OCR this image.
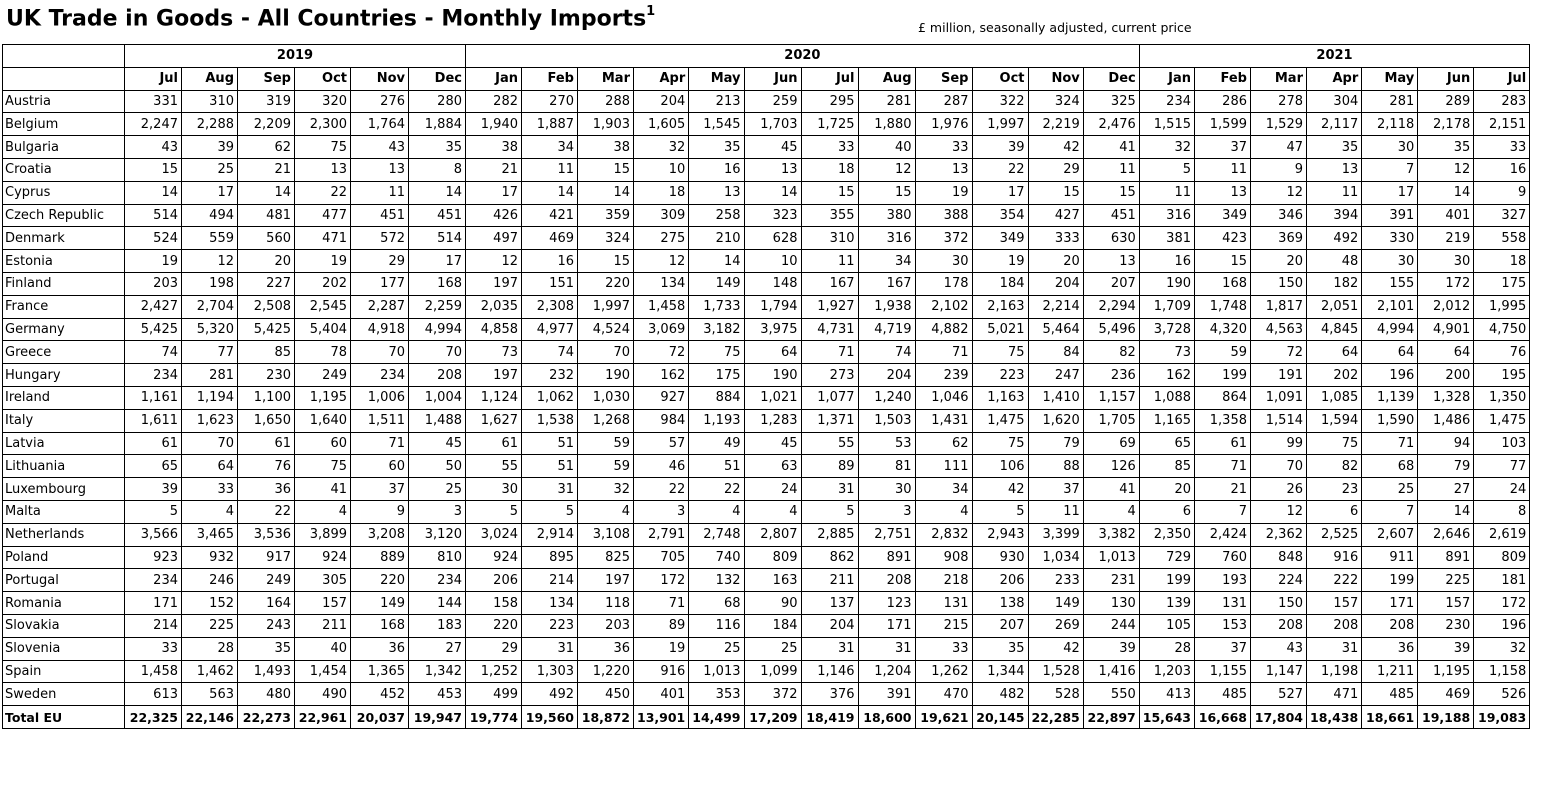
UK Trade in Goods - All Countries - Monthly Imports$^1$
£ million, seasonally adjusted, current price
	2019						2020												2021						
	Jul	Aug	Sep	Oct	Nov	Dec	Jan	Feb	Mar	Apr	May	Jun	Jul	Aug	Sep	Oct	Nov	Dec	Jan	Feb	Mar	Apr	May	Jun	Jul
Austria	331	310	319	320	276	280	282	270	288	204	213	259	295	281	287	322	324	325	234	286	278	304	281	289	283
Belgium	2,247	2,288	2,209	2,300	1,764	1,884	1,940	1,887	1,903	1,605	1,545	1,703	1,725	1,880	1,976	1,997	2,219	2,476	1,515	1,599	1,529	2,117	2,118	2,178	2,151
Bulgaria	43	39	62	75	43	35	38	34	38	32	35	45	33	40	33	39	42	41	32	37	47	35	30	35	33
Croatia	15	25	21	13	13	8	21	11	15	10	16	13	18	12	13	22	29	11	5	11	9	13	7	12	16
Cyprus	14	17	14	22	11	14	17	14	14	18	13	14	15	15	19	17	15	15	11	13	12	11	17	14	9
Czech Republic	514	494	481	477	451	451	426	421	359	309	258	323	355	380	388	354	427	451	316	349	346	394	391	401	327
Denmark	524	559	560	471	572	514	497	469	324	275	210	628	310	316	372	349	333	630	381	423	369	492	330	219	558
Estonia	19	12	20	19	29	17	12	16	15	12	14	10	11	34	30	19	20	13	16	15	20	48	30	30	18
Finland	203	198	227	202	177	168	197	151	220	134	149	148	167	167	178	184	204	207	190	168	150	182	155	172	175
France	2,427	2,704	2,508	2,545	2,287	2,259	2,035	2,308	1,997	1,458	1,733	1,794	1,927	1,938	2,102	2,163	2,214	2,294	1,709	1,748	1,817	2,051	2,101	2,012	1,995
Germany	5,425	5,320	5,425	5,404	4,918	4,994	4,858	4,977	4,524	3,069	3,182	3,975	4,731	4,719	4,882	5,021	5,464	5,496	3,728	4,320	4,563	4,845	4,994	4,901	4,750
Greece	74	77	85	78	70	70	73	74	70	72	75	64	71	74	71	75	84	82	73	59	72	64	64	64	76
Hungary	234	281	230	249	234	208	197	232	190	162	175	190	273	204	239	223	247	236	162	199	191	202	196	200	195
Ireland	1,161	1,194	1,100	1,195	1,006	1,004	1,124	1,062	1,030	927	884	1,021	1,077	1,240	1,046	1,163	1,410	1,157	1,088	864	1,091	1,085	1,139	1,328	1,350
Italy	1,611	1,623	1,650	1,640	1,511	1,488	1,627	1,538	1,268	984	1,193	1,283	1,371	1,503	1,431	1,475	1,620	1,705	1,165	1,358	1,514	1,594	1,590	1,486	1,475
Latvia	61	70	61	60	71	45	61	51	59	57	49	45	55	53	62	75	79	69	65	61	99	75	71	94	103
Lithuania	65	64	76	75	60	50	55	51	59	46	51	63	89	81	111	106	88	126	85	71	70	82	68	79	77
Luxembourg	39	33	36	41	37	25	30	31	32	22	22	24	31	30	34	42	37	41	20	21	26	23	25	27	24
Malta	5	4	22	4	9	3	5	5	4	3	4	4	5	3	4	5	11	4	6	7	12	6	7	14	8
Netherlands	3,566	3,465	3,536	3,899	3,208	3,120	3,024	2,914	3,108	2,791	2,748	2,807	2,885	2,751	2,832	2,943	3,399	3,382	2,350	2,424	2,362	2,525	2,607	2,646	2,619
Poland	923	932	917	924	889	810	924	895	825	705	740	809	862	891	908	930	1,034	1,013	729	760	848	916	911	891	809
Portugal	234	246	249	305	220	234	206	214	197	172	132	163	211	208	218	206	233	231	199	193	224	222	199	225	181
Romania	171	152	164	157	149	144	158	134	118	71	68	90	137	123	131	138	149	130	139	131	150	157	171	157	172
Slovakia	214	225	243	211	168	183	220	223	203	89	116	184	204	171	215	207	269	244	105	153	208	208	208	230	196
Slovenia	33	28	35	40	36	27	29	31	36	19	25	25	31	31	33	35	42	39	28	37	43	31	36	39	32
Spain	1,458	1,462	1,493	1,454	1,365	1,342	1,252	1,303	1,220	916	1,013	1,099	1,146	1,204	1,262	1,344	1,528	1,416	1,203	1,155	1,147	1,198	1,211	1,195	1,158
Sweden	613	563	480	490	452	453	499	492	450	401	353	372	376	391	470	482	528	550	413	485	527	471	485	469	526
Total EU	22,325	22,146	22,273	22,961	20,037	19,947	19,774	19,560	18,872	13,901	14,499	17,209	18,419	18,600	19,621	20,145	22,285	22,897	15,643	16,668	17,804	18,438	18,661	19,188	19,083
